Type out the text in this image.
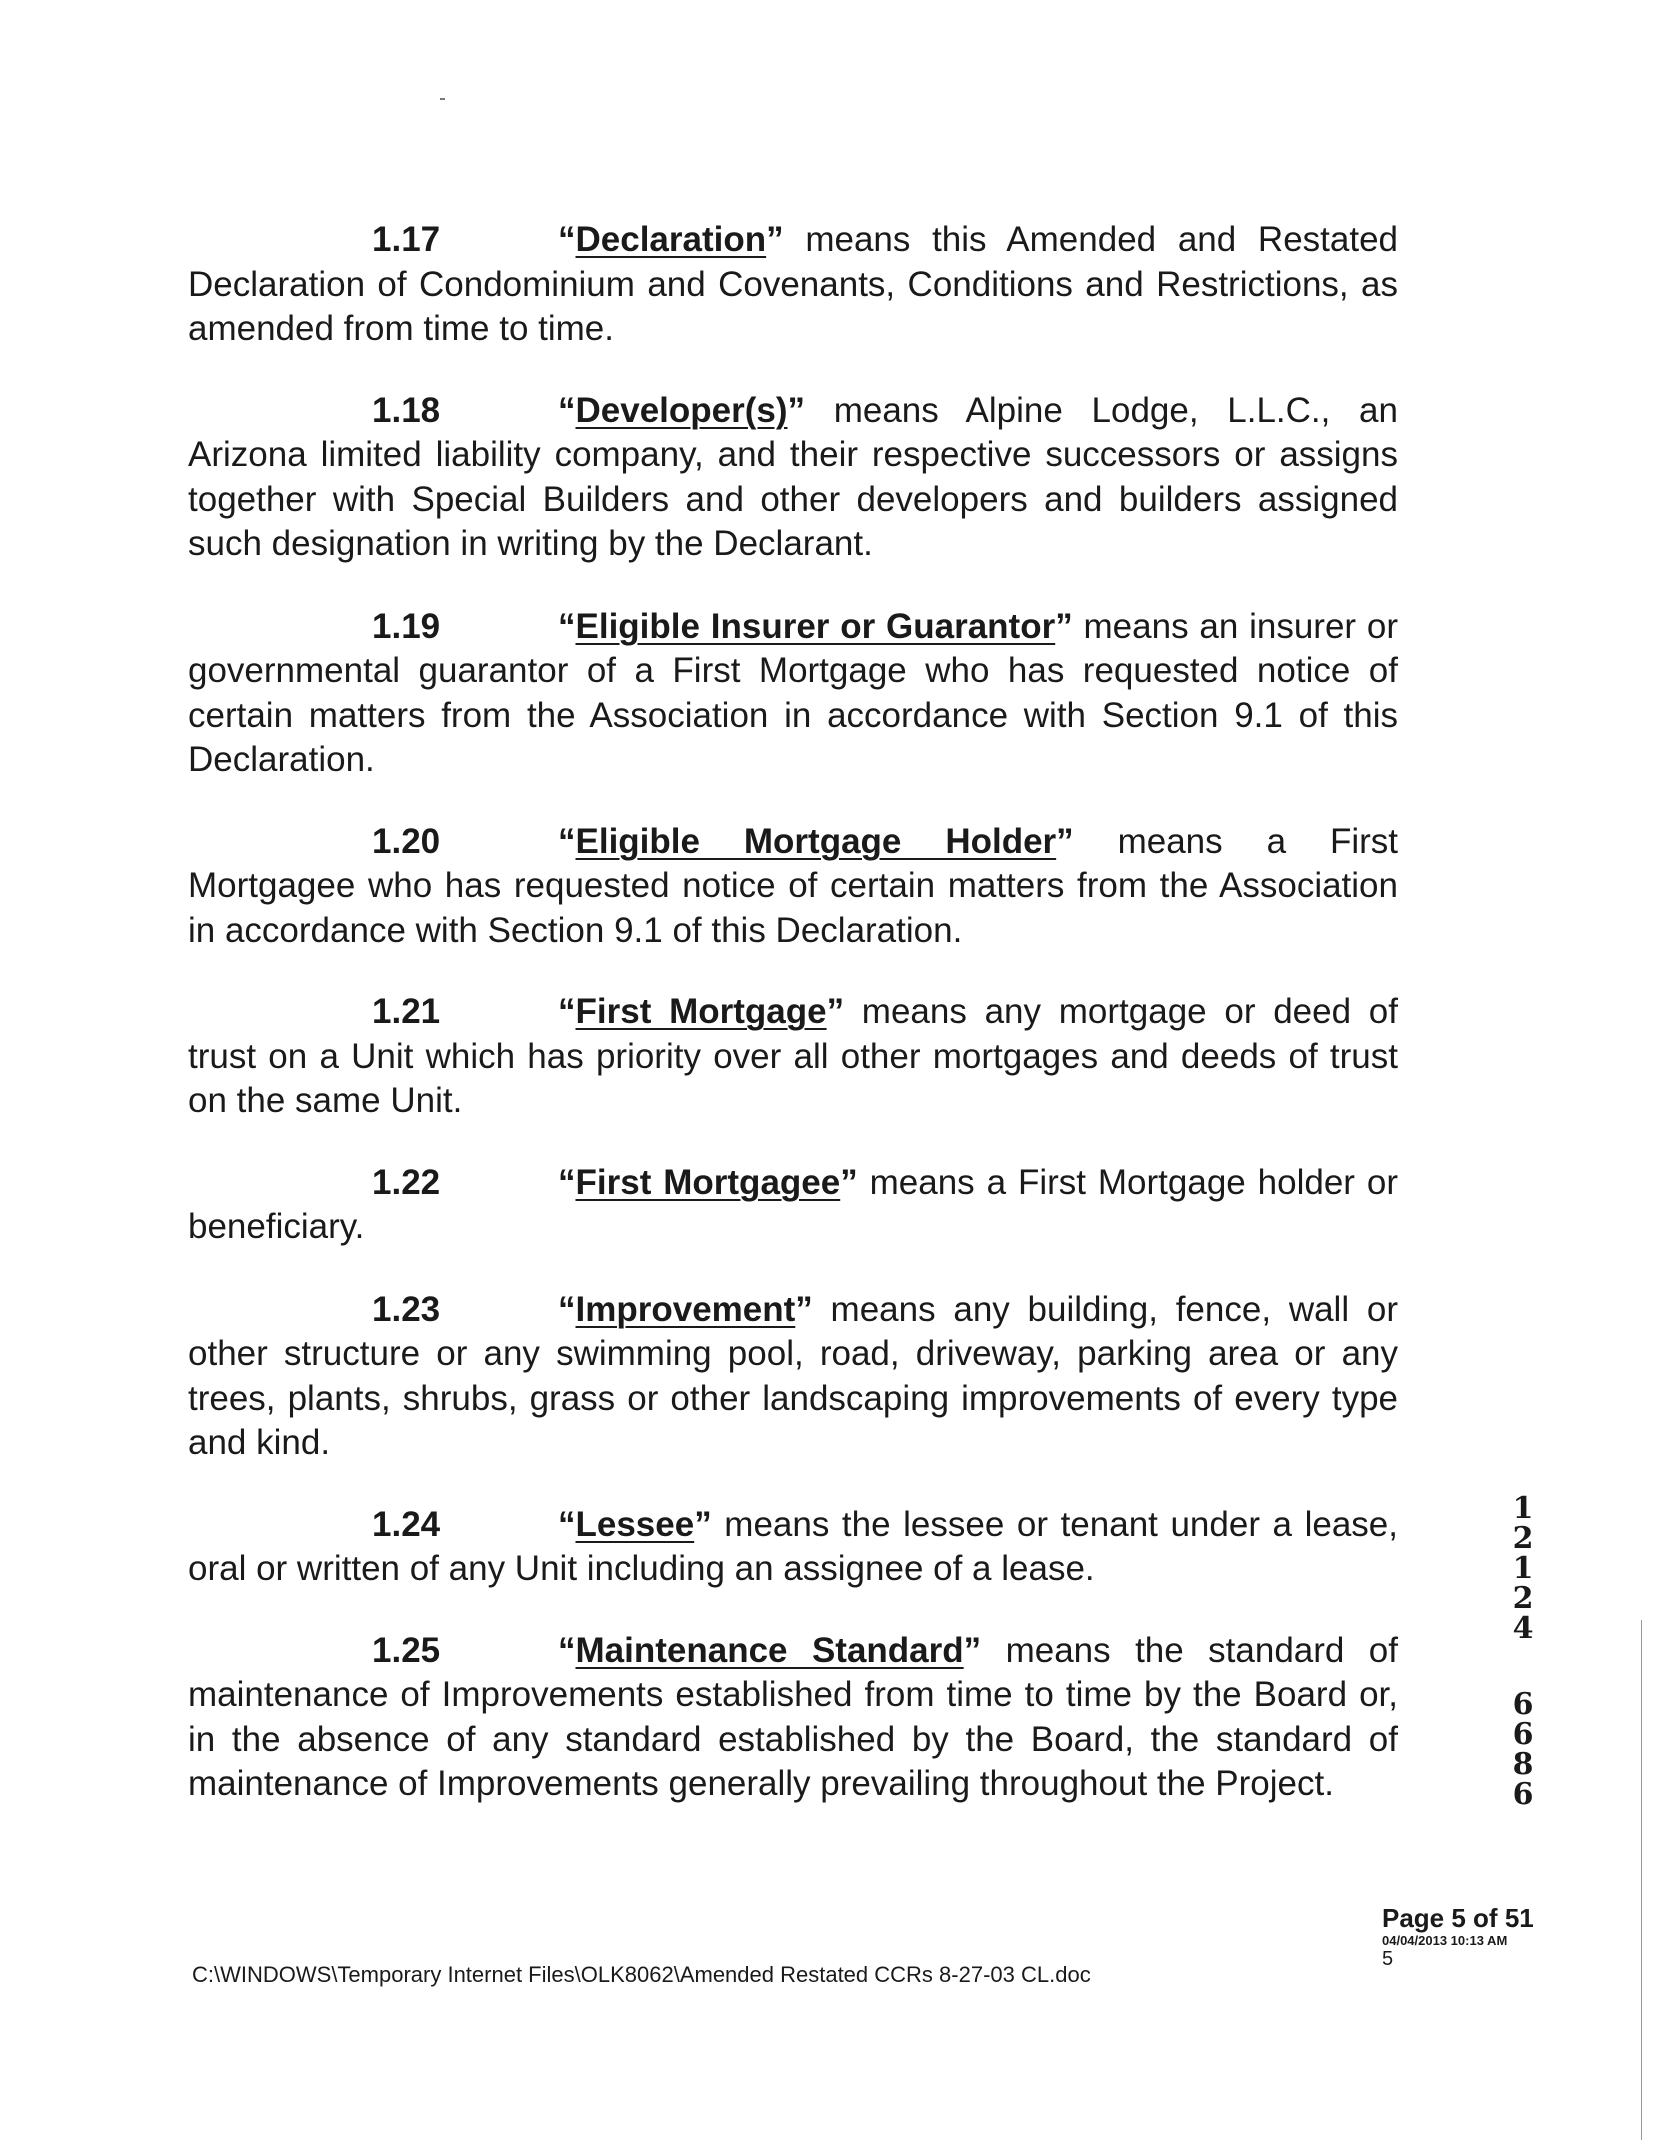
1.17	“Declaration” means this Amended and Restated Declaration of Condominium and Covenants, Conditions and Restrictions, as amended from time to time.

1.18	“Developer(s)” means Alpine Lodge, L.L.C., an Arizona limited liability company, and their respective successors or assigns together with Special Builders and other developers and builders assigned such designation in writing by the Declarant.

1.19	“Eligible Insurer or Guarantor” means an insurer or governmental guarantor of a First Mortgage who has requested notice of certain matters from the Association in accordance with Section 9.1 of this Declaration.

1.20	“Eligible Mortgage Holder” means a First Mortgagee who has requested notice of certain matters from the Association in accordance with Section 9.1 of this Declaration.

1.21	“First Mortgage” means any mortgage or deed of trust on a Unit which has priority over all other mortgages and deeds of trust on the same Unit.

1.22	“First Mortgagee” means a First Mortgage holder or beneficiary.

1.23	“Improvement” means any building, fence, wall or other structure or any swimming pool, road, driveway, parking area or any trees, plants, shrubs, grass or other landscaping improvements of every type and kind.

1.24	“Lessee” means the lessee or tenant under a lease, oral or written of any Unit including an assignee of a lease.

1.25	“Maintenance Standard” means the standard of maintenance of Improvements established from time to time by the Board or, in the absence of any standard established by the Board, the standard of maintenance of Improvements generally prevailing throughout the Project.

1
2
1
2
4
6
6
8
6
Page 5 of 51
04/04/2013 10:13 AM
5
C:\WINDOWS\Temporary Internet Files\OLK8062\Amended Restated CCRs 8-27-03 CL.doc
